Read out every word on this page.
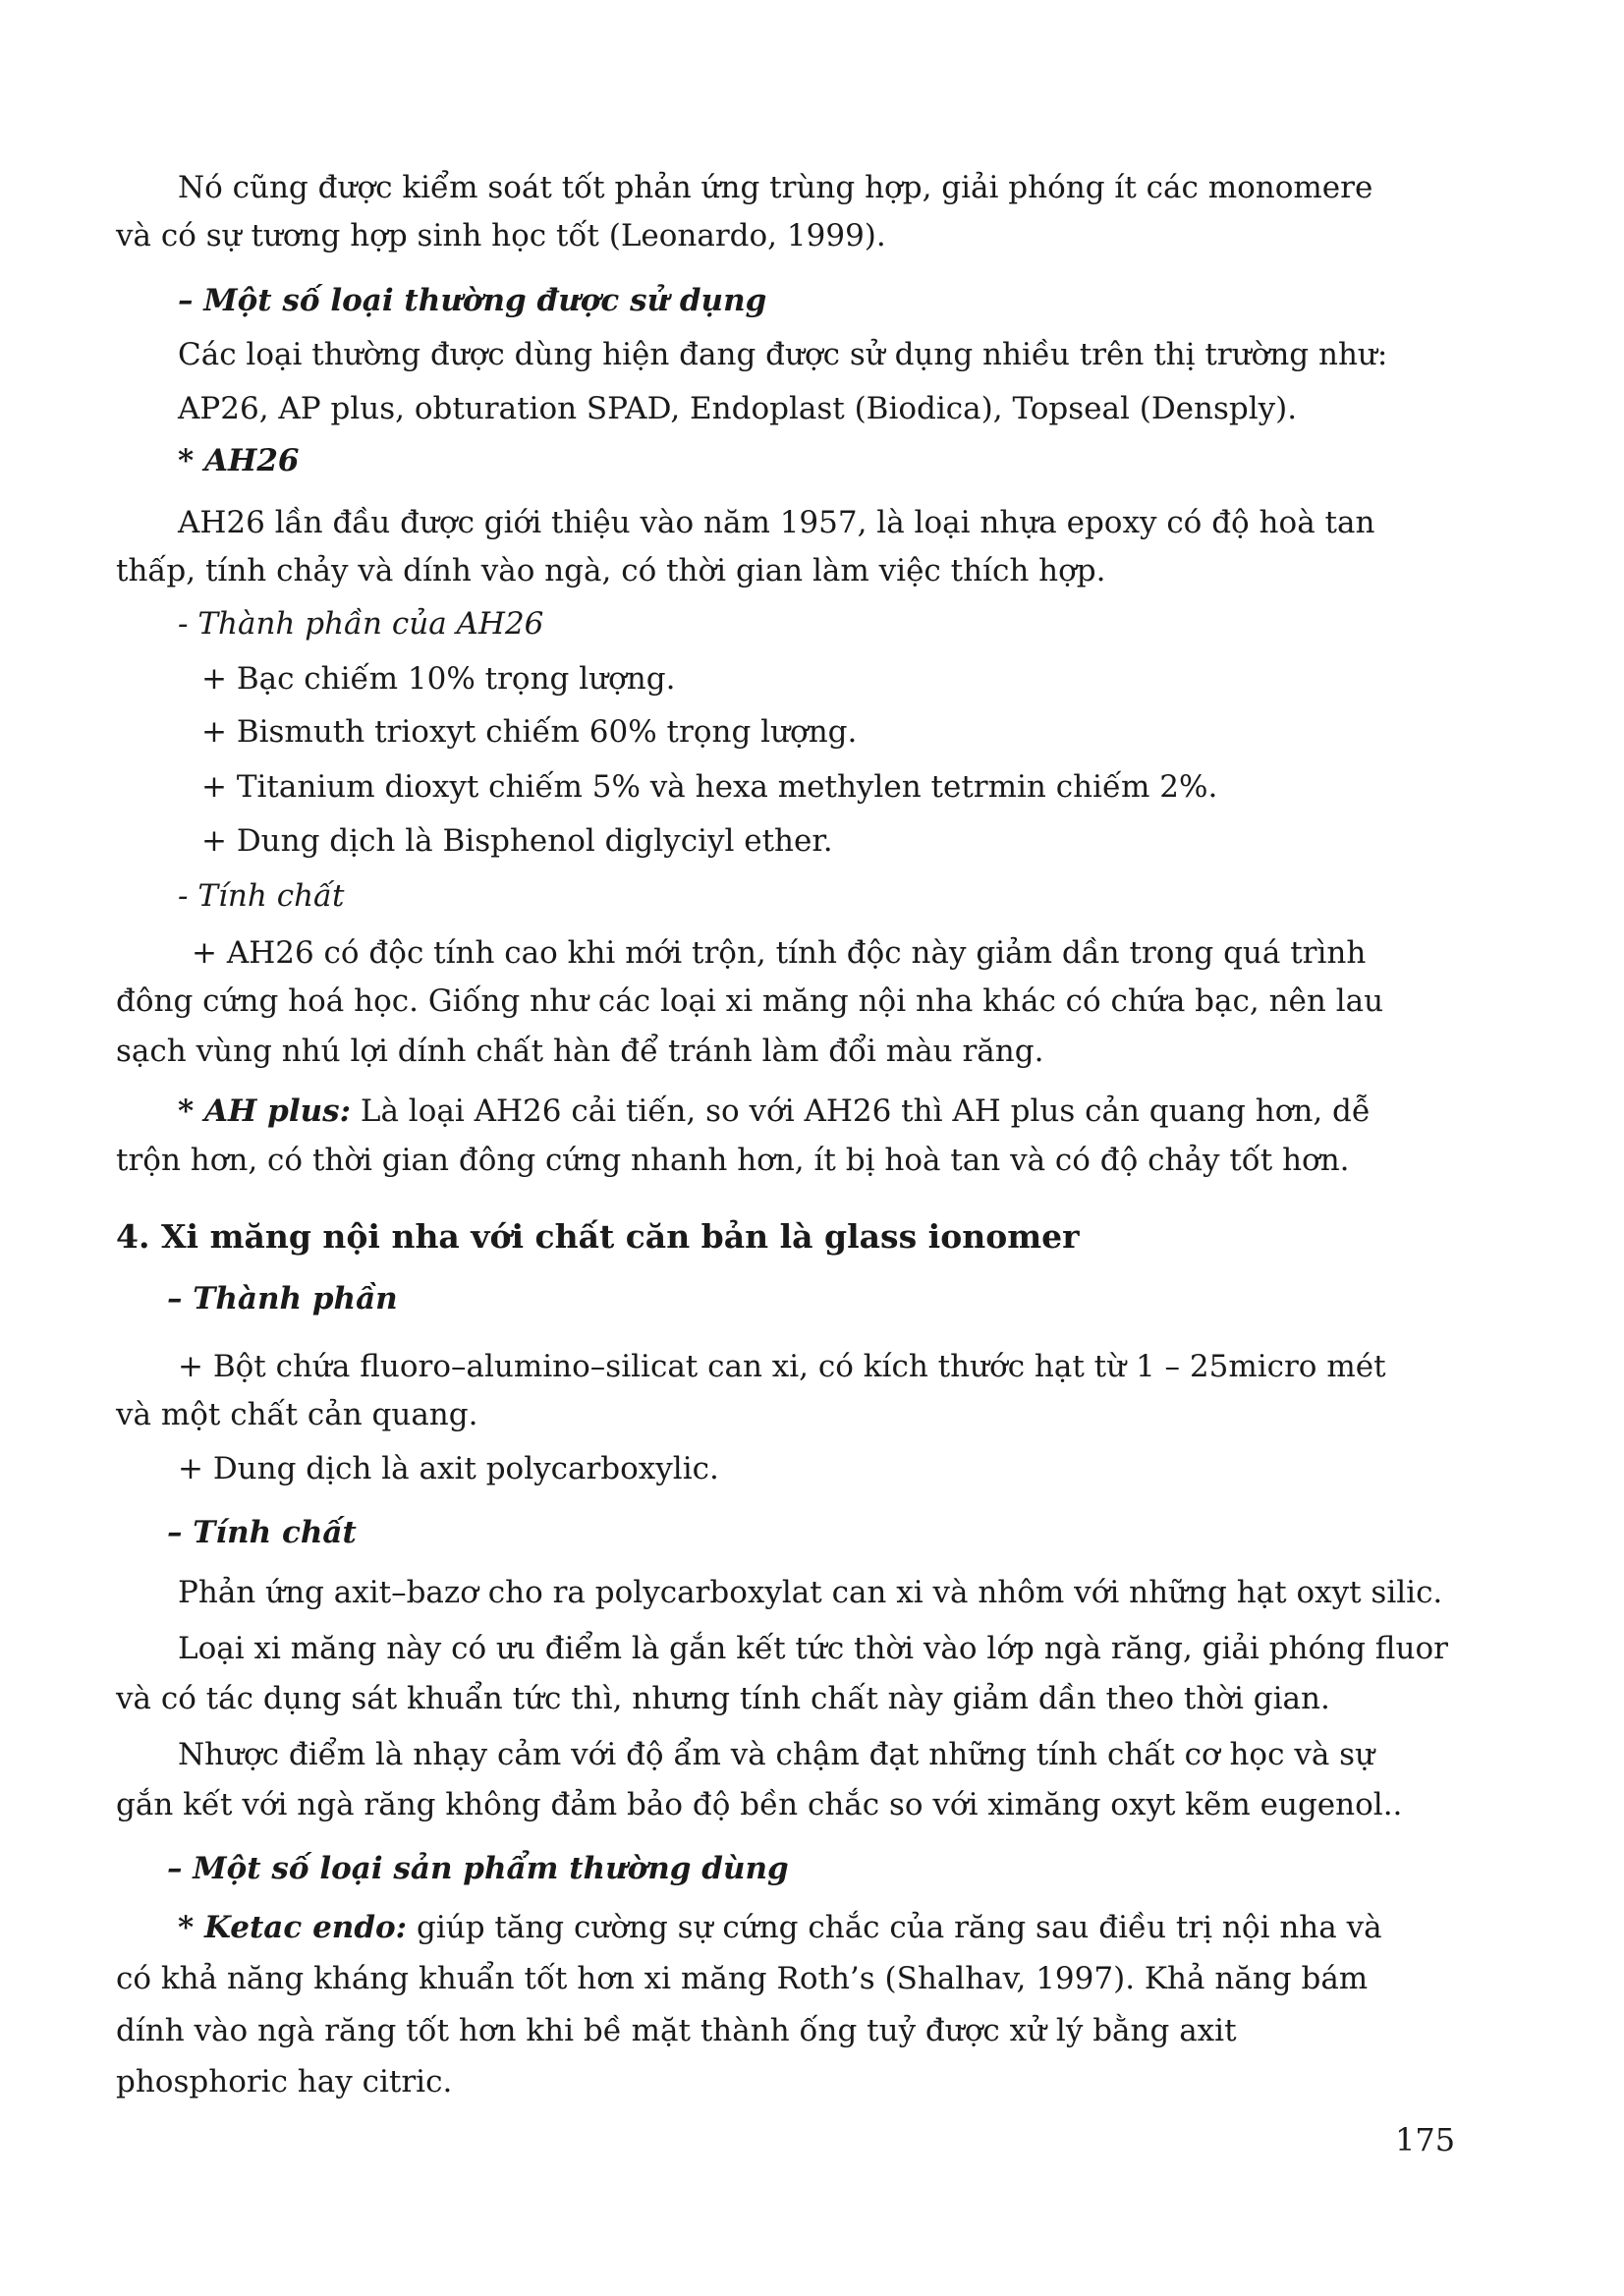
Nó cũng được kiểm soát tốt phản ứng trùng hợp, giải phóng ít các monomere
và có sự tương hợp sinh học tốt (Leonardo, 1999).
– Một số loại thường được sử dụng
Các loại thường được dùng hiện đang được sử dụng nhiều trên thị trường như:
AP26, AP plus, obturation SPAD, Endoplast (Biodica), Topseal (Densply).
* AH26
AH26 lần đầu được giới thiệu vào năm 1957, là loại nhựa epoxy có độ hoà tan
thấp, tính chảy và dính vào ngà, có thời gian làm việc thích hợp.
- Thành phần của AH26
+ Bạc chiếm 10% trọng lượng.
+ Bismuth trioxyt chiếm 60% trọng lượng.
+ Titanium dioxyt chiếm 5% và hexa methylen tetrmin chiếm 2%.
+ Dung dịch là Bisphenol diglyciyl ether.
- Tính chất
+ AH26 có độc tính cao khi mới trộn, tính độc này giảm dần trong quá trình
đông cứng hoá học. Giống như các loại xi măng nội nha khác có chứa bạc, nên lau
sạch vùng nhú lợi dính chất hàn để tránh làm đổi màu răng.
* AH plus: Là loại AH26 cải tiến, so với AH26 thì AH plus cản quang hơn, dễ
trộn hơn, có thời gian đông cứng nhanh hơn, ít bị hoà tan và có độ chảy tốt hơn.
4. Xi măng nội nha với chất căn bản là glass ionomer
– Thành phần
+ Bột chứa fluoro–alumino–silicat can xi, có kích thước hạt từ 1 – 25micro mét
và một chất cản quang.
+ Dung dịch là axit polycarboxylic.
– Tính chất
Phản ứng axit–bazơ cho ra polycarboxylat can xi và nhôm với những hạt oxyt silic.
Loại xi măng này có ưu điểm là gắn kết tức thời vào lớp ngà răng, giải phóng fluor
và có tác dụng sát khuẩn tức thì, nhưng tính chất này giảm dần theo thời gian.
Nhược điểm là nhạy cảm với độ ẩm và chậm đạt những tính chất cơ học và sự
gắn kết với ngà răng không đảm bảo độ bền chắc so với ximăng oxyt kẽm eugenol..
– Một số loại sản phẩm thường dùng
* Ketac endo: giúp tăng cường sự cứng chắc của răng sau điều trị nội nha và
có khả năng kháng khuẩn tốt hơn xi măng Roth’s (Shalhav, 1997). Khả năng bám
dính vào ngà răng tốt hơn khi bề mặt thành ống tuỷ được xử lý bằng axit
phosphoric hay citric.
175
